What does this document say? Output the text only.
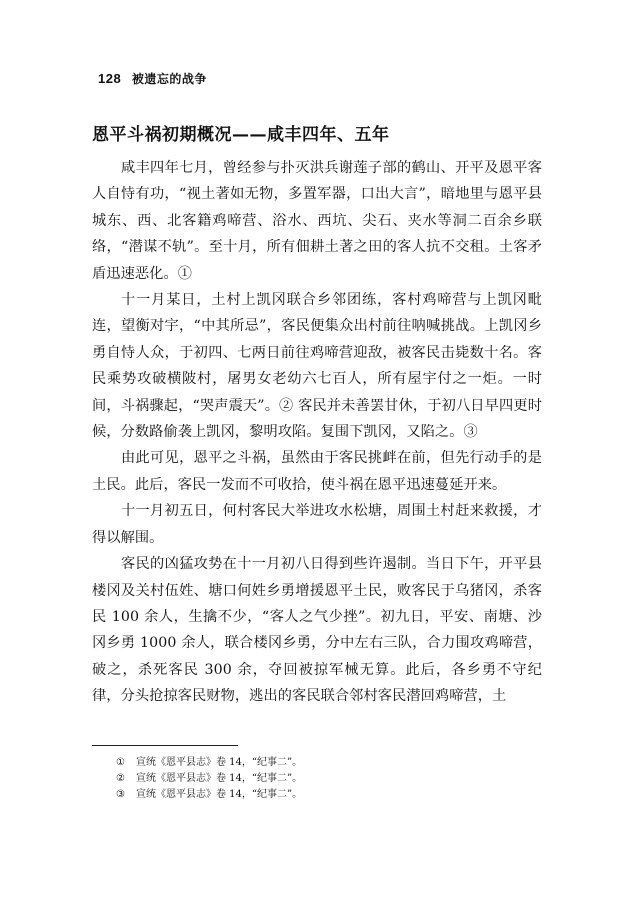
128 被遗忘的战争
恩平斗祸初期概况——咸丰四年、五年

咸丰四年七月，曾经参与扑灭洪兵谢莲子部的鹤山、开平及恩平客人自恃有功，“视土著如无物，多置军器，口出大言”，暗地里与恩平县城东、西、北客籍鸡啼营、浴水、西坑、尖石、夹水等洞二百余乡联络，“潜谋不轨”。至十月，所有佃耕土著之田的客人抗不交租。土客矛盾迅速恶化。①

十一月某日，土村上凯冈联合乡邻团练，客村鸡啼营与上凯冈毗连，望衡对宇，“中其所忌”，客民便集众出村前往呐喊挑战。上凯冈乡勇自恃人众，于初四、七两日前往鸡啼营迎敌，被客民击毙数十名。客民乘势攻破横陂村，屠男女老幼六七百人，所有屋宇付之一炬。一时间，斗祸骤起，“哭声震天”。② 客民并未善罢甘休，于初八日早四更时候，分数路偷袭上凯冈，黎明攻陷。复围下凯冈，又陷之。③

由此可见，恩平之斗祸，虽然由于客民挑衅在前，但先行动手的是土民。此后，客民一发而不可收拾，使斗祸在恩平迅速蔓延开来。

十一月初五日，何村客民大举进攻水松塘，周围土村赶来救援，才得以解围。

客民的凶猛攻势在十一月初八日得到些许遏制。当日下午，开平县楼冈及关村伍姓、塘口何姓乡勇增援恩平土民，败客民于乌猪冈，杀客民 100 余人，生擒不少，“客人之气少挫”。初九日，平安、南塘、沙冈乡勇 1000 余人，联合楼冈乡勇，分中左右三队，合力围攻鸡啼营，破之，杀死客民 300 余，夺回被掠军械无算。此后，各乡勇不守纪律，分头抢掠客民财物，逃出的客民联合邻村客民潜回鸡啼营，土

① 宣统《恩平县志》卷 14，“纪事二”。

② 宣统《恩平县志》卷 14，“纪事二”。

③ 宣统《恩平县志》卷 14，“纪事二”。
